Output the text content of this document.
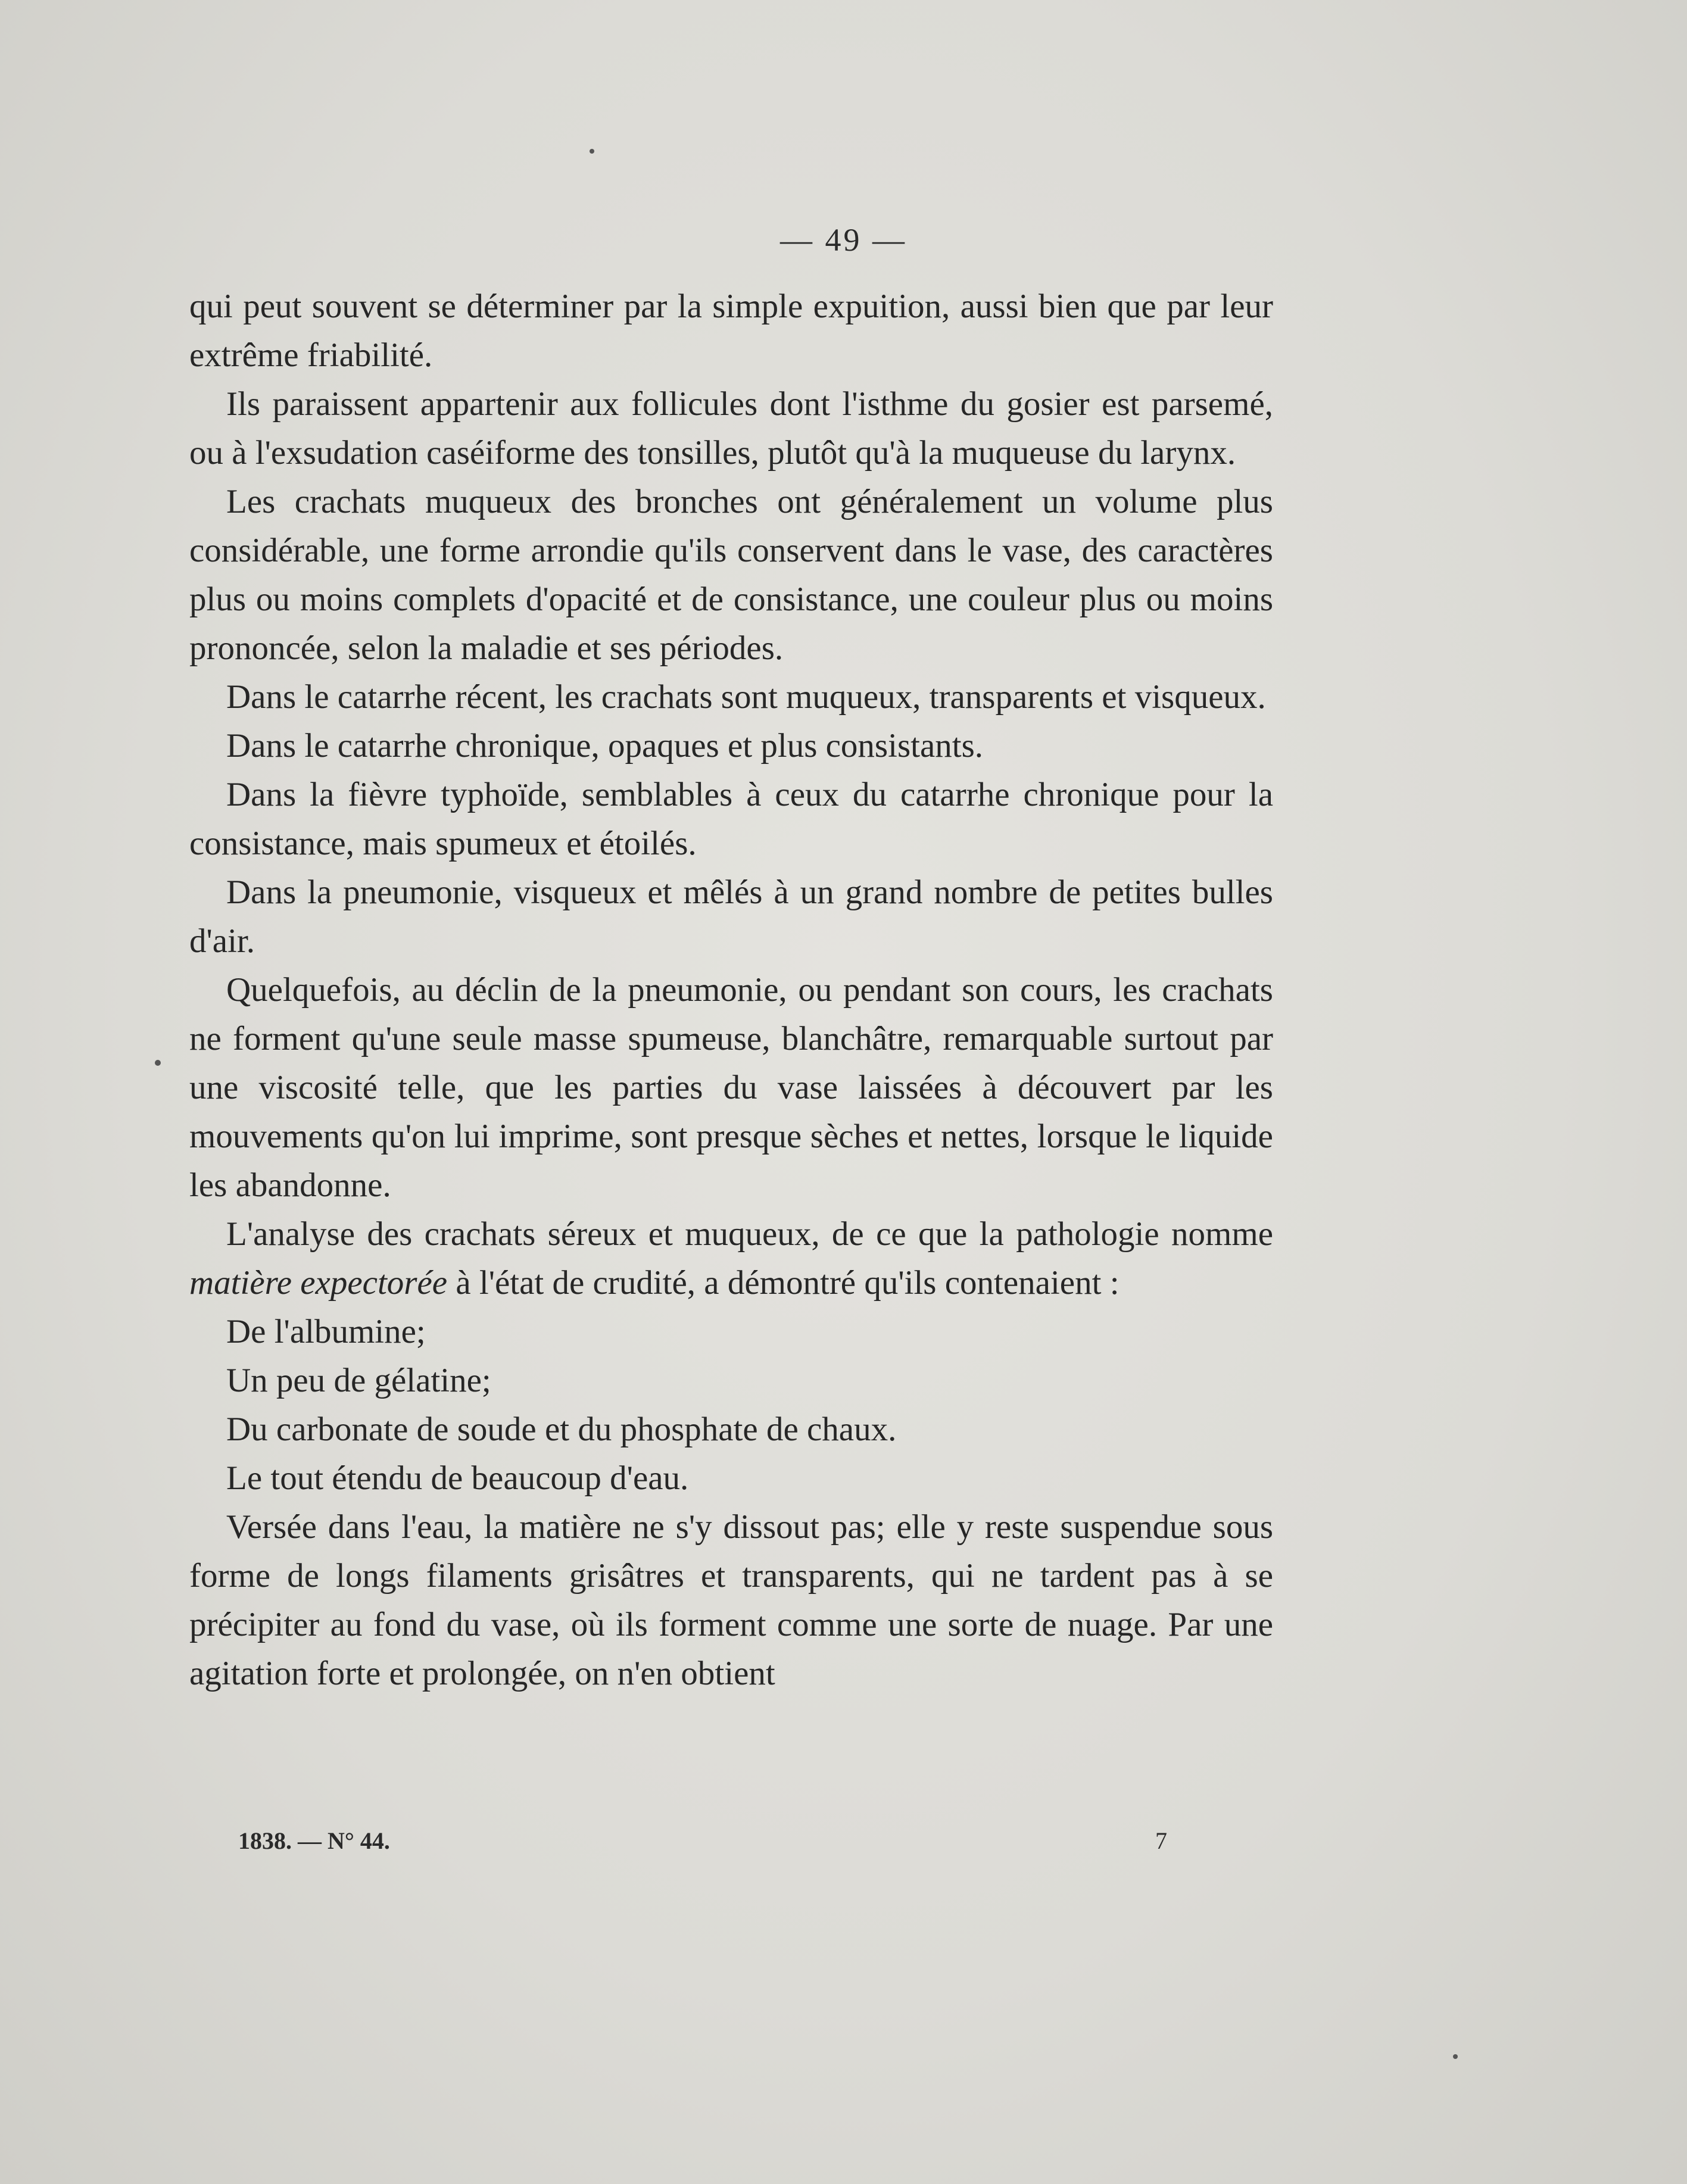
— 49 —

qui peut souvent se déterminer par la simple expuition, aussi bien que par leur extrême friabilité.

Ils paraissent appartenir aux follicules dont l'isthme du gosier est parsemé, ou à l'exsudation caséiforme des tonsilles, plutôt qu'à la muqueuse du larynx.

Les crachats muqueux des bronches ont généralement un volume plus considérable, une forme arrondie qu'ils conservent dans le vase, des caractères plus ou moins complets d'opacité et de consistance, une couleur plus ou moins prononcée, selon la maladie et ses périodes.

Dans le catarrhe récent, les crachats sont muqueux, transparents et visqueux.

Dans le catarrhe chronique, opaques et plus consistants.

Dans la fièvre typhoïde, semblables à ceux du catarrhe chronique pour la consistance, mais spumeux et étoilés.

Dans la pneumonie, visqueux et mêlés à un grand nombre de petites bulles d'air.

Quelquefois, au déclin de la pneumonie, ou pendant son cours, les crachats ne forment qu'une seule masse spumeuse, blanchâtre, remarquable surtout par une viscosité telle, que les parties du vase laissées à découvert par les mouvements qu'on lui imprime, sont presque sèches et nettes, lorsque le liquide les abandonne.

L'analyse des crachats séreux et muqueux, de ce que la pathologie nomme matière expectorée à l'état de crudité, a démontré qu'ils contenaient :

De l'albumine;

Un peu de gélatine;

Du carbonate de soude et du phosphate de chaux.

Le tout étendu de beaucoup d'eau.

Versée dans l'eau, la matière ne s'y dissout pas; elle y reste suspendue sous forme de longs filaments grisâtres et transparents, qui ne tardent pas à se précipiter au fond du vase, où ils forment comme une sorte de nuage. Par une agitation forte et prolongée, on n'en obtient

1838. — N° 44.	7
